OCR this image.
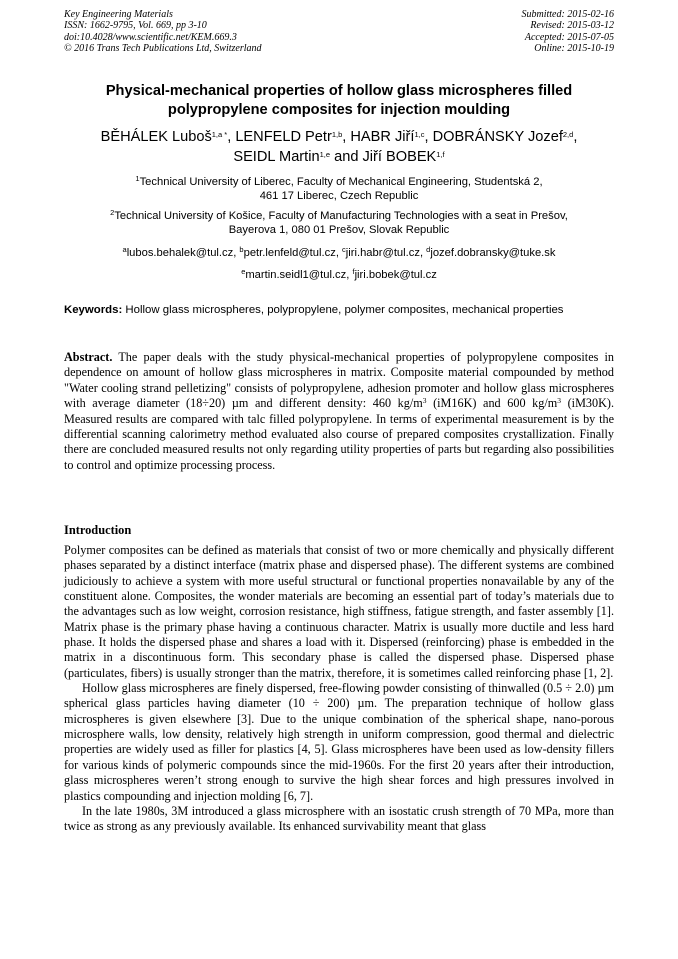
Key Engineering Materials
ISSN: 1662-9795, Vol. 669, pp 3-10
doi:10.4028/www.scientific.net/KEM.669.3
© 2016 Trans Tech Publications Ltd, Switzerland
Submitted: 2015-02-16
Revised: 2015-03-12
Accepted: 2015-07-05
Online: 2015-10-19
Physical-mechanical properties of hollow glass microspheres filled
polypropylene composites for injection moulding
BĚHÁLEK Luboš$^{1,a *}$, LENFELD Petr$^{1,b}$, HABR Jiří$^{1,c}$, DOBRÁNSKY Jozef$^{2,d}$,
SEIDL Martin$^{1,e}$ and Jiří BOBEK$^{1,f}$
$^1$Technical University of Liberec, Faculty of Mechanical Engineering, Studentská 2,
461 17 Liberec, Czech Republic
$^2$Technical University of Košice, Faculty of Manufacturing Technologies with a seat in Prešov,
Bayerova 1, 080 01 Prešov, Slovak Republic
$^a$lubos.behalek@tul.cz, $^b$petr.lenfeld@tul.cz, $^c$jiri.habr@tul.cz, $^d$jozef.dobransky@tuke.sk
$^e$martin.seidl1@tul.cz, $^f$jiri.bobek@tul.cz
Keywords: Hollow glass microspheres, polypropylene, polymer composites, mechanical properties

Abstract. The paper deals with the study physical-mechanical properties of polypropylene composites in dependence on amount of hollow glass microspheres in matrix. Composite material compounded by method "Water cooling strand pelletizing" consists of polypropylene, adhesion promoter and hollow glass microspheres with average diameter (18÷20) µm and different density: 460 $kg/m^3$ (iM16K) and 600 $kg/m^3$ (iM30K). Measured results are compared with talc filled polypropylene. In terms of experimental measurement is by the differential scanning calorimetry method evaluated also course of prepared composites crystallization. Finally there are concluded measured results not only regarding utility properties of parts but regarding also possibilities to control and optimize processing process.

Introduction

Polymer composites can be defined as materials that consist of two or more chemically and physically different phases separated by a distinct interface (matrix phase and dispersed phase). The different systems are combined judiciously to achieve a system with more useful structural or functional properties nonavailable by any of the constituent alone. Composites, the wonder materials are becoming an essential part of today’s materials due to the advantages such as low weight, corrosion resistance, high stiffness, fatigue strength, and faster assembly [1]. Matrix phase is the primary phase having a continuous character. Matrix is usually more ductile and less hard phase. It holds the dispersed phase and shares a load with it. Dispersed (reinforcing) phase is embedded in the matrix in a discontinuous form. This secondary phase is called the dispersed phase. Dispersed phase (particulates, fibers) is usually stronger than the matrix, therefore, it is sometimes called reinforcing phase [1, 2].

Hollow glass microspheres are finely dispersed, free-flowing powder consisting of thinwalled (0.5 ÷ 2.0) µm spherical glass particles having diameter (10 ÷ 200) µm. The preparation technique of hollow glass microspheres is given elsewhere [3]. Due to the unique combination of the spherical shape, nano-porous microsphere walls, low density, relatively high strength in uniform compression, good thermal and dielectric properties are widely used as filler for plastics [4, 5]. Glass microspheres have been used as low-density fillers for various kinds of polymeric compounds since the mid-1960s. For the first 20 years after their introduction, glass microspheres weren’t strong enough to survive the high shear forces and high pressures involved in plastics compounding and injection molding [6, 7].

In the late 1980s, 3M introduced a glass microsphere with an isostatic crush strength of 70 MPa, more than twice as strong as any previously available. Its enhanced survivability meant that glass
